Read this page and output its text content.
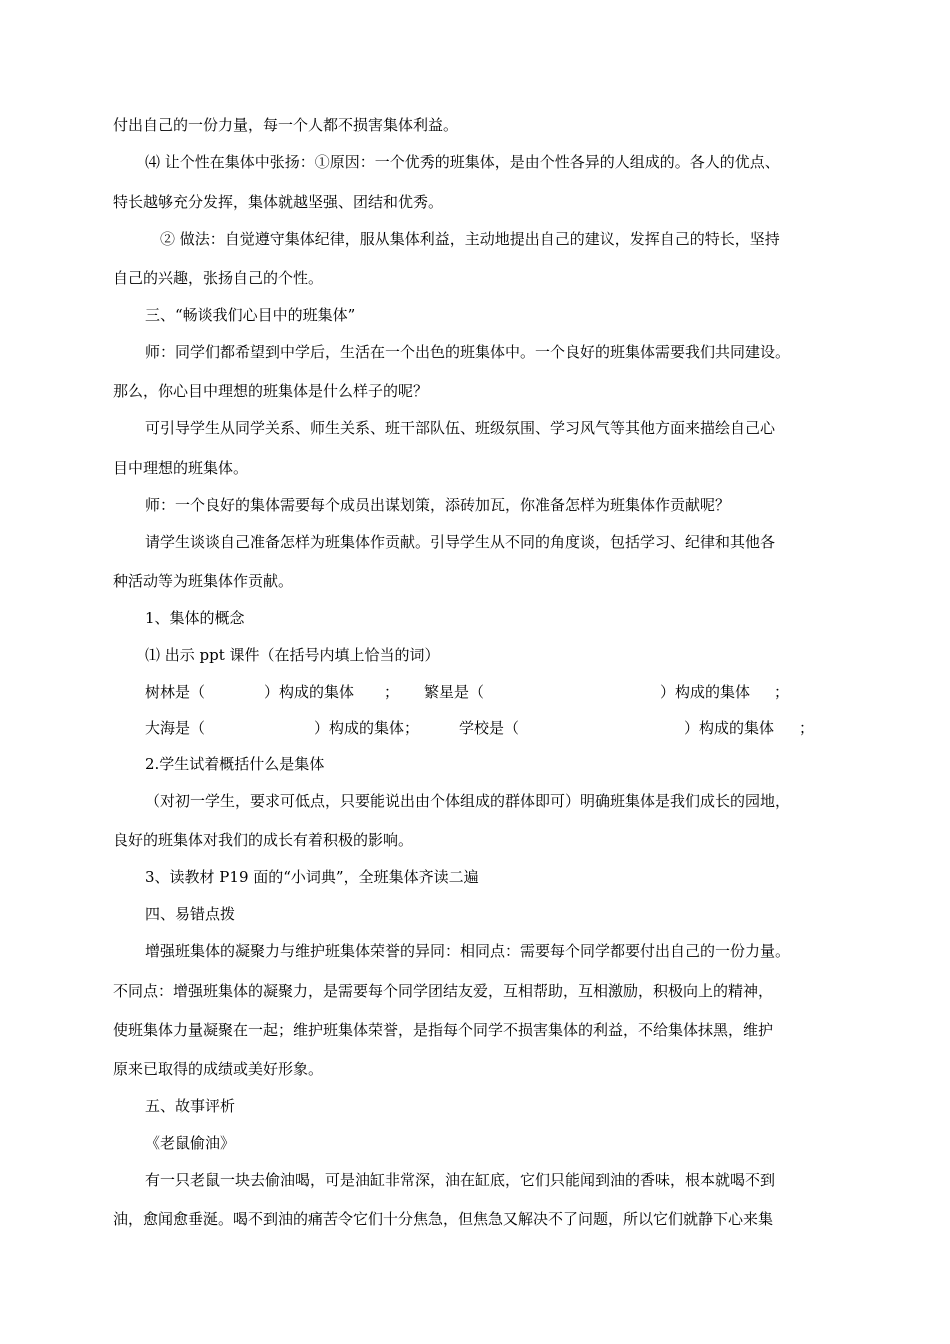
付出自己的一份力量，每一个人都不损害集体利益。
⑷ 让个性在集体中张扬：①原因：一个优秀的班集体，是由个性各异的人组成的。各人的优点、
特长越够充分发挥，集体就越坚强、团结和优秀。
② 做法：自觉遵守集体纪律，服从集体利益，主动地提出自己的建议，发挥自己的特长，坚持
自己的兴趣，张扬自己的个性。
三、“畅谈我们心目中的班集体”
师：同学们都希望到中学后，生活在一个出色的班集体中。一个良好的班集体需要我们共同建设。
那么，你心目中理想的班集体是什么样子的呢？
可引导学生从同学关系、师生关系、班干部队伍、班级氛围、学习风气等其他方面来描绘自己心
目中理想的班集体。
师：一个良好的集体需要每个成员出谋划策，添砖加瓦，你准备怎样为班集体作贡献呢？
请学生谈谈自己准备怎样为班集体作贡献。引导学生从不同的角度谈，包括学习、纪律和其他各
种活动等为班集体作贡献。
1、集体的概念
⑴ 出示 ppt 课件（在括号内填上恰当的词）
树林是（	）构成的集体 ； 繁星是（	）构成的集体 ；
大海是（	）构成的集体；	学校是（	）构成的集体 ；
2.学生试着概括什么是集体
（对初一学生，要求可低点，只要能说出由个体组成的群体即可）明确班集体是我们成长的园地，
良好的班集体对我们的成长有着积极的影响。
3、读教材 P19 面的“小词典”，全班集体齐读二遍
四、易错点拨
增强班集体的凝聚力与维护班集体荣誉的异同：相同点：需要每个同学都要付出自己的一份力量。
不同点：增强班集体的凝聚力，是需要每个同学团结友爱，互相帮助，互相激励，积极向上的精神，
使班集体力量凝聚在一起；维护班集体荣誉，是指每个同学不损害集体的利益，不给集体抹黑，维护
原来已取得的成绩或美好形象。
五、故事评析
《老鼠偷油》
有一只老鼠一块去偷油喝，可是油缸非常深，油在缸底，它们只能闻到油的香味，根本就喝不到
油，愈闻愈垂涎。喝不到油的痛苦令它们十分焦急，但焦急又解决不了问题，所以它们就静下心来集
